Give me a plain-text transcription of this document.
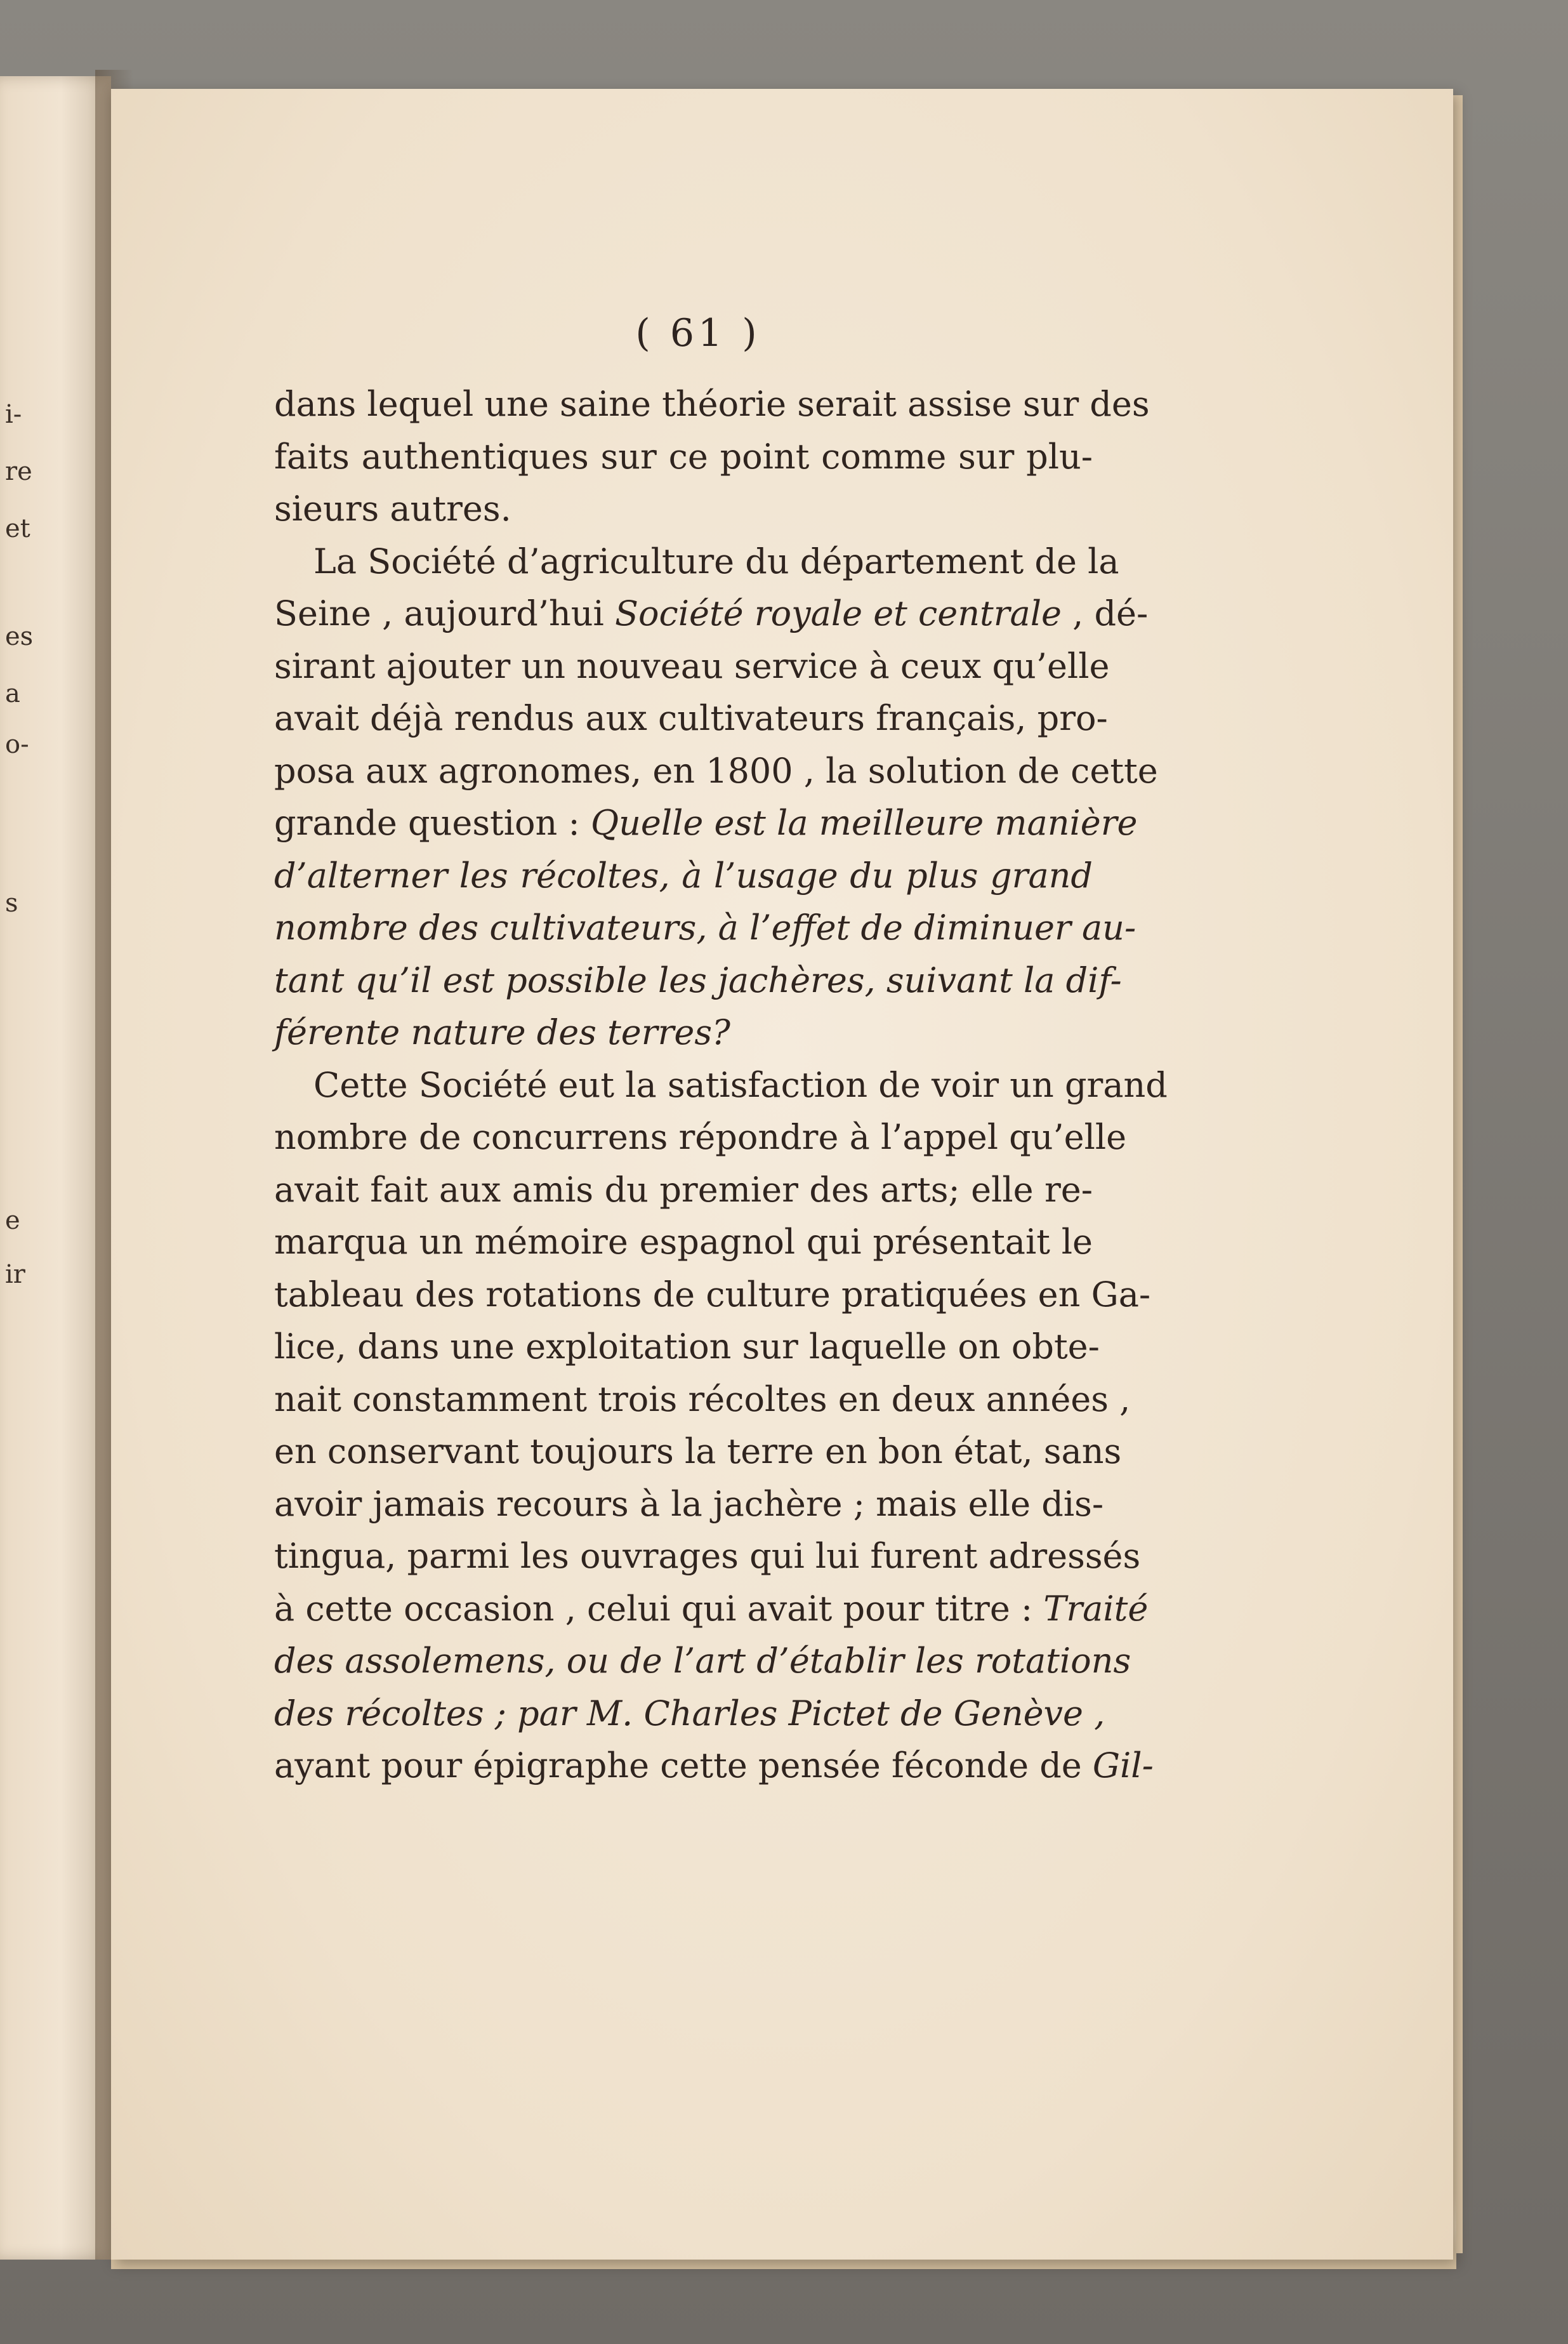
i-
re
et
es
a
o-
s
e
ir
( 61 )
dans lequel une saine théorie serait assise sur des
faits authentiques sur ce point comme sur plu-
sieurs autres.
La Société d’agriculture du département de la
Seine , aujourd’hui Société royale et centrale , dé-
sirant ajouter un nouveau service à ceux qu’elle
avait déjà rendus aux cultivateurs français, pro-
posa aux agronomes, en 1800 , la solution de cette
grande question : Quelle est la meilleure manière
d’alterner les récoltes, à l’usage du plus grand
nombre des cultivateurs, à l’effet de diminuer au-
tant qu’il est possible les jachères, suivant la dif-
férente nature des terres?
Cette Société eut la satisfaction de voir un grand
nombre de concurrens répondre à l’appel qu’elle
avait fait aux amis du premier des arts; elle re-
marqua un mémoire espagnol qui présentait le
tableau des rotations de culture pratiquées en Ga-
lice, dans une exploitation sur laquelle on obte-
nait constamment trois récoltes en deux années ,
en conservant toujours la terre en bon état, sans
avoir jamais recours à la jachère ; mais elle dis-
tingua, parmi les ouvrages qui lui furent adressés
à cette occasion , celui qui avait pour titre : Traité
des assolemens, ou de l’art d’établir les rotations
des récoltes ; par M. Charles Pictet de Genève ,
ayant pour épigraphe cette pensée féconde de Gil-
